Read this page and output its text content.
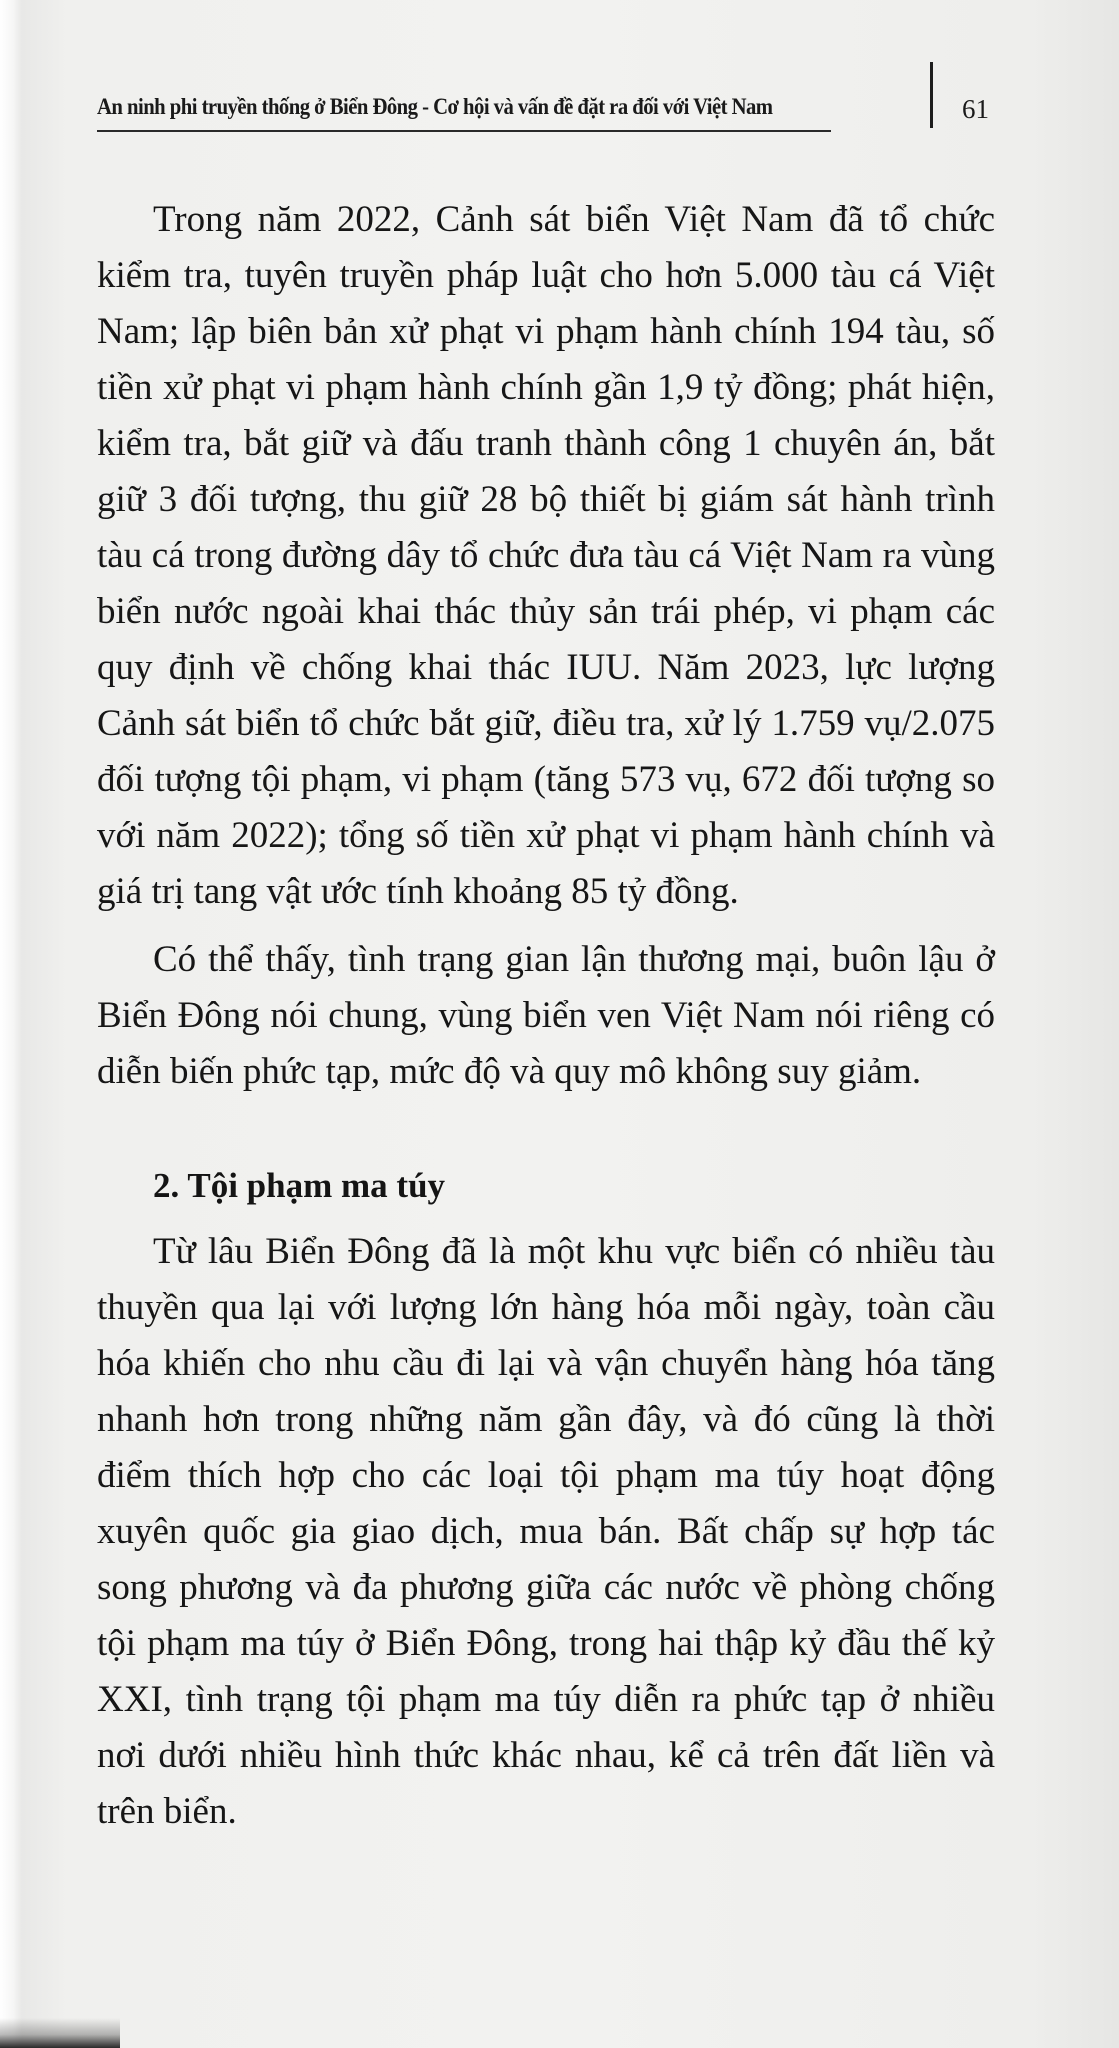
An ninh phi truyền thống ở Biển Đông - Cơ hội và vấn đề đặt ra đối với Việt Nam	61

Trong năm 2022, Cảnh sát biển Việt Nam đã tổ chức kiểm tra, tuyên truyền pháp luật cho hơn 5.000 tàu cá Việt Nam; lập biên bản xử phạt vi phạm hành chính 194 tàu, số tiền xử phạt vi phạm hành chính gần 1,9 tỷ đồng; phát hiện, kiểm tra, bắt giữ và đấu tranh thành công 1 chuyên án, bắt giữ 3 đối tượng, thu giữ 28 bộ thiết bị giám sát hành trình tàu cá trong đường dây tổ chức đưa tàu cá Việt Nam ra vùng biển nước ngoài khai thác thủy sản trái phép, vi phạm các quy định về chống khai thác IUU. Năm 2023, lực lượng Cảnh sát biển tổ chức bắt giữ, điều tra, xử lý 1.759 vụ/2.075 đối tượng tội phạm, vi phạm (tăng 573 vụ, 672 đối tượng so với năm 2022); tổng số tiền xử phạt vi phạm hành chính và giá trị tang vật ước tính khoảng 85 tỷ đồng.

Có thể thấy, tình trạng gian lận thương mại, buôn lậu ở Biển Đông nói chung, vùng biển ven Việt Nam nói riêng có diễn biến phức tạp, mức độ và quy mô không suy giảm.

2. Tội phạm ma túy

Từ lâu Biển Đông đã là một khu vực biển có nhiều tàu thuyền qua lại với lượng lớn hàng hóa mỗi ngày, toàn cầu hóa khiến cho nhu cầu đi lại và vận chuyển hàng hóa tăng nhanh hơn trong những năm gần đây, và đó cũng là thời điểm thích hợp cho các loại tội phạm ma túy hoạt động xuyên quốc gia giao dịch, mua bán. Bất chấp sự hợp tác song phương và đa phương giữa các nước về phòng chống tội phạm ma túy ở Biển Đông, trong hai thập kỷ đầu thế kỷ XXI, tình trạng tội phạm ma túy diễn ra phức tạp ở nhiều nơi dưới nhiều hình thức khác nhau, kể cả trên đất liền và trên biển.
